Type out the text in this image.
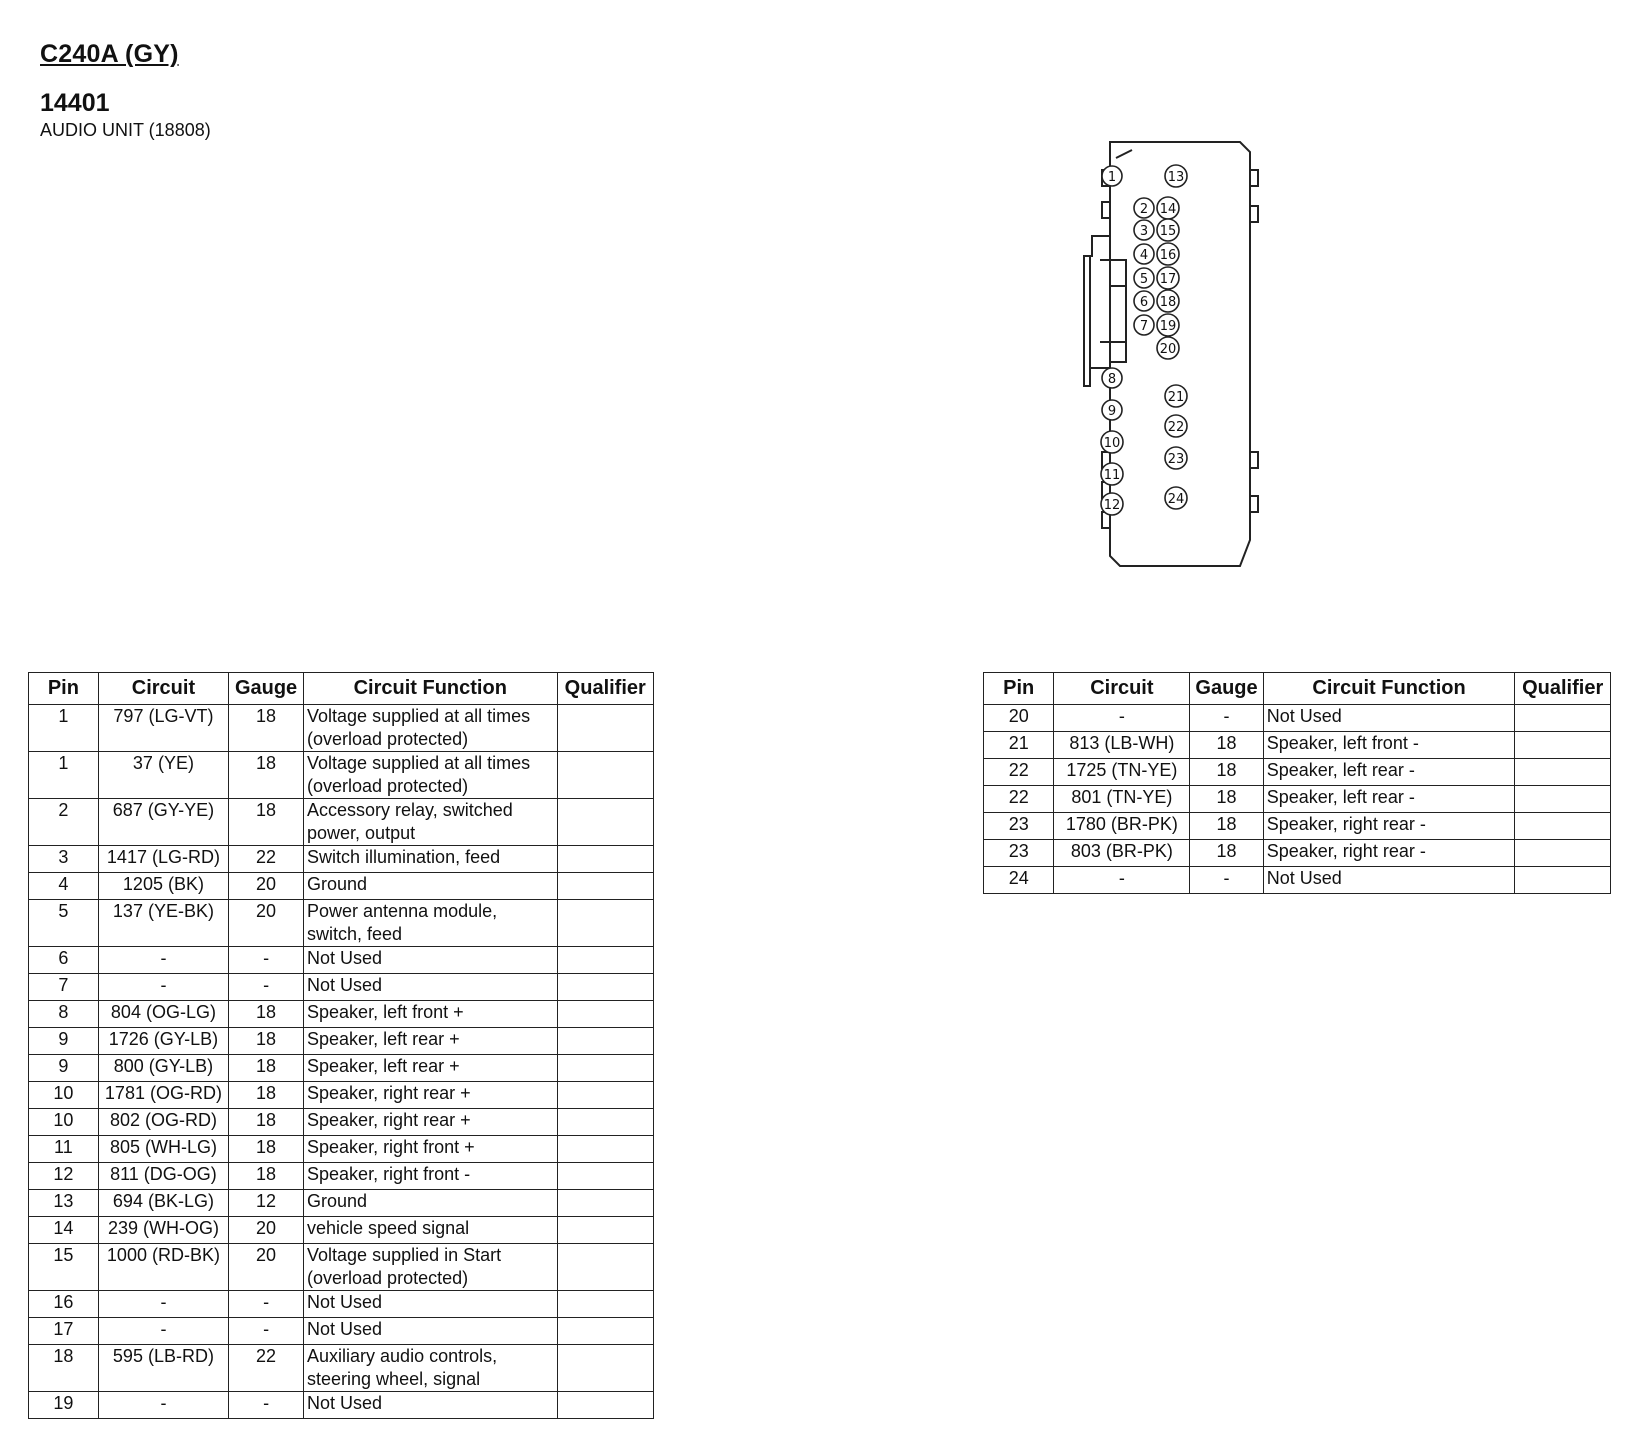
C240A (GY)
14401
AUDIO UNIT (18808)
1
2
3
4
5
6
7
8
9
10
11
12
13
14
15
16
17
18
19
20
21
22
23
24
Pin	Circuit	Gauge	Circuit Function	Qualifier
1	797 (LG-VT)	18	Voltage supplied at all times (overload protected)	
1	37 (YE)	18	Voltage supplied at all times (overload protected)	
2	687 (GY-YE)	18	Accessory relay, switched power, output	
3	1417 (LG-RD)	22	Switch illumination, feed	
4	1205 (BK)	20	Ground	
5	137 (YE-BK)	20	Power antenna module, switch, feed	
6	-	-	Not Used	
7	-	-	Not Used	
8	804 (OG-LG)	18	Speaker, left front +	
9	1726 (GY-LB)	18	Speaker, left rear +	
9	800 (GY-LB)	18	Speaker, left rear +	
10	1781 (OG-RD)	18	Speaker, right rear +	
10	802 (OG-RD)	18	Speaker, right rear +	
11	805 (WH-LG)	18	Speaker, right front +	
12	811 (DG-OG)	18	Speaker, right front -	
13	694 (BK-LG)	12	Ground	
14	239 (WH-OG)	20	vehicle speed signal	
15	1000 (RD-BK)	20	Voltage supplied in Start (overload protected)	
16	-	-	Not Used	
17	-	-	Not Used	
18	595 (LB-RD)	22	Auxiliary audio controls, steering wheel, signal	
19	-	-	Not Used	
Pin	Circuit	Gauge	Circuit Function	Qualifier
20	-	-	Not Used	
21	813 (LB-WH)	18	Speaker, left front -	
22	1725 (TN-YE)	18	Speaker, left rear -	
22	801 (TN-YE)	18	Speaker, left rear -	
23	1780 (BR-PK)	18	Speaker, right rear -	
23	803 (BR-PK)	18	Speaker, right rear -	
24	-	-	Not Used	
